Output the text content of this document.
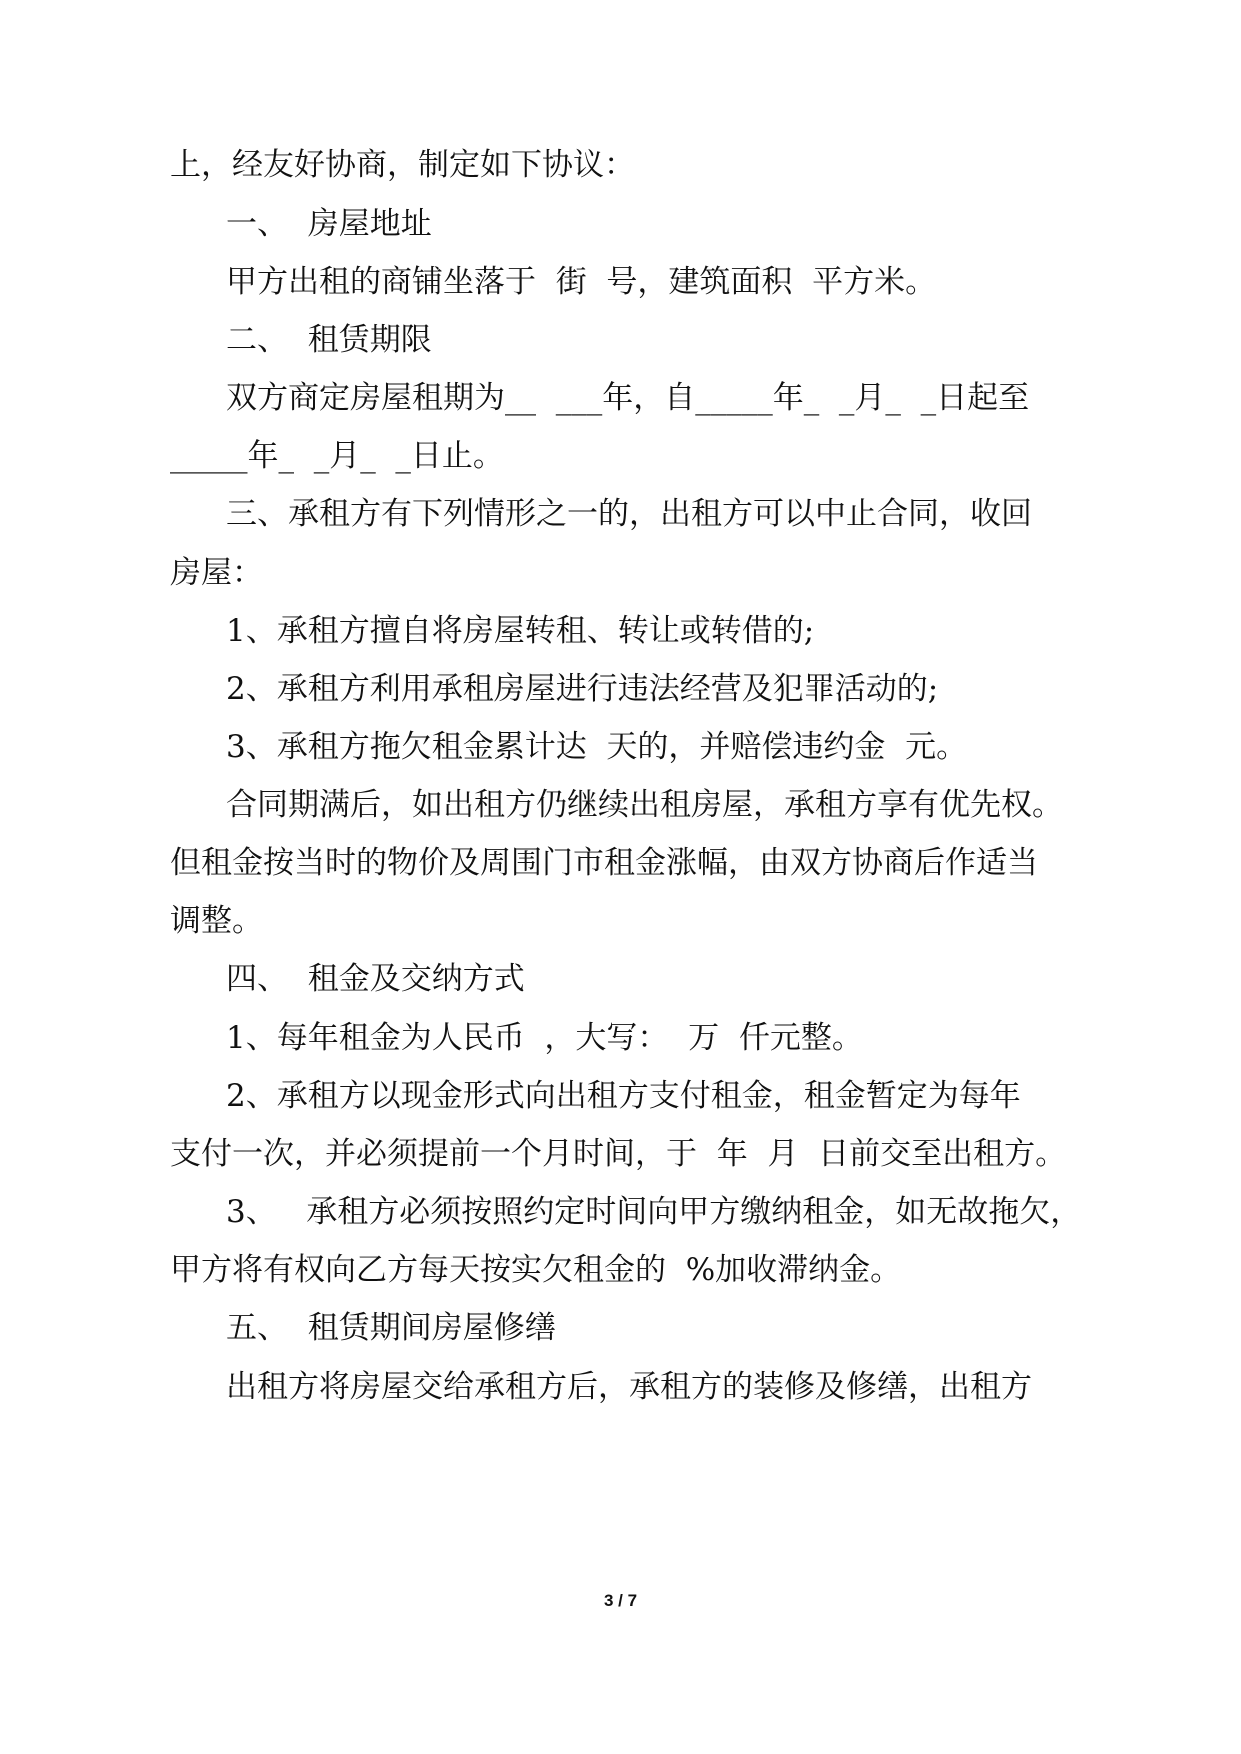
上，经友好协商，制定如下协议：

一、  房屋地址

甲方出租的商铺坐落于  街  号，建筑面积  平方米。

二、  租赁期限

双方商定房屋租期为__  ___年，自_____年_  _月_  _日起至

_____年_  _月_  _日止。

三、承租方有下列情形之一的，出租方可以中止合同，收回

房屋：

1、承租方擅自将房屋转租、转让或转借的;

2、承租方利用承租房屋进行违法经营及犯罪活动的;

3、承租方拖欠租金累计达  天的，并赔偿违约金  元。

合同期满后，如出租方仍继续出租房屋，承租方享有优先权。

但租金按当时的物价及周围门市租金涨幅，由双方协商后作适当

调整。

四、  租金及交纳方式

1、每年租金为人民币  ，大写：  万  仟元整。

2、承租方以现金形式向出租方支付租金，租金暂定为每年

支付一次，并必须提前一个月时间，于  年  月  日前交至出租方。

3、   承租方必须按照约定时间向甲方缴纳租金，如无故拖欠，

甲方将有权向乙方每天按实欠租金的  %加收滞纳金。

五、  租赁期间房屋修缮

出租方将房屋交给承租方后，承租方的装修及修缮，出租方

3 / 7
